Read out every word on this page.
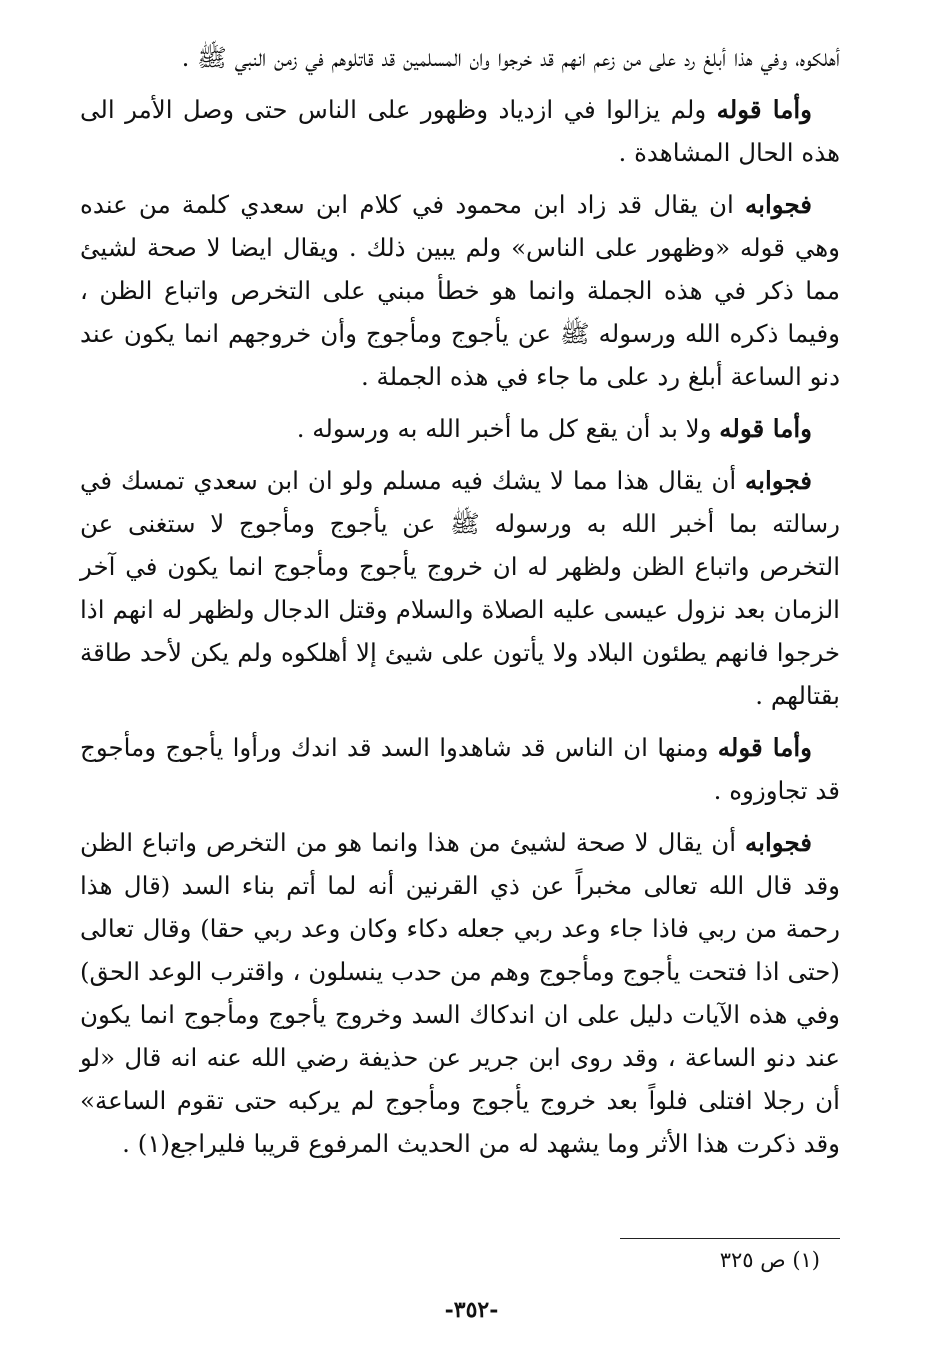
أهلكوه، وفي هذا أبلغ رد على من زعم انهم قد خرجوا وان المسلمين قد قاتلوهم في زمن النبي ﷺ .

وأما قوله ولم يزالوا في ازدياد وظهور على الناس حتى وصل الأمر الى هذه الحال المشاهدة .

فجوابه ان يقال قد زاد ابن محمود في كلام ابن سعدي كلمة من عنده وهي قوله «وظهور على الناس» ولم يبين ذلك . ويقال ايضا لا صحة لشيئ مما ذكر في هذه الجملة وانما هو خطأ مبني على التخرص واتباع الظن ، وفيما ذكره الله ورسوله ﷺ عن يأجوج ومأجوج وأن خروجهم انما يكون عند دنو الساعة أبلغ رد على ما جاء في هذه الجملة .

وأما قوله ولا بد أن يقع كل ما أخبر الله به ورسوله .

فجوابه أن يقال هذا مما لا يشك فيه مسلم ولو ان ابن سعدي تمسك في رسالته بما أخبر الله به ورسوله ﷺ عن يأجوج ومأجوج لا ستغنى عن التخرص واتباع الظن ولظهر له ان خروج يأجوج ومأجوج انما يكون في آخر الزمان بعد نزول عيسى عليه الصلاة والسلام وقتل الدجال ولظهر له انهم اذا خرجوا فانهم يطئون البلاد ولا يأتون على شيئ إلا أهلكوه ولم يكن لأحد طاقة بقتالهم .

وأما قوله ومنها ان الناس قد شاهدوا السد قد اندك ورأوا يأجوج ومأجوج قد تجاوزوه .

فجوابه أن يقال لا صحة لشيئ من هذا وانما هو من التخرص واتباع الظن وقد قال الله تعالى مخبراً عن ذي القرنين أنه لما أتم بناء السد (قال هذا رحمة من ربي فاذا جاء وعد ربي جعله دكاء وكان وعد ربي حقا) وقال تعالى (حتى اذا فتحت يأجوج ومأجوج وهم من حدب ينسلون ، واقترب الوعد الحق) وفي هذه الآيات دليل على ان اندكاك السد وخروج يأجوج ومأجوج انما يكون عند دنو الساعة ، وقد روى ابن جرير عن حذيفة رضي الله عنه انه قال «لو أن رجلا افتلى فلواً بعد خروج يأجوج ومأجوج لم يركبه حتى تقوم الساعة» وقد ذكرت هذا الأثر وما يشهد له من الحديث المرفوع قريبا فليراجع(١) .

(١) ص ٣٢٥
-٣٥٢-
